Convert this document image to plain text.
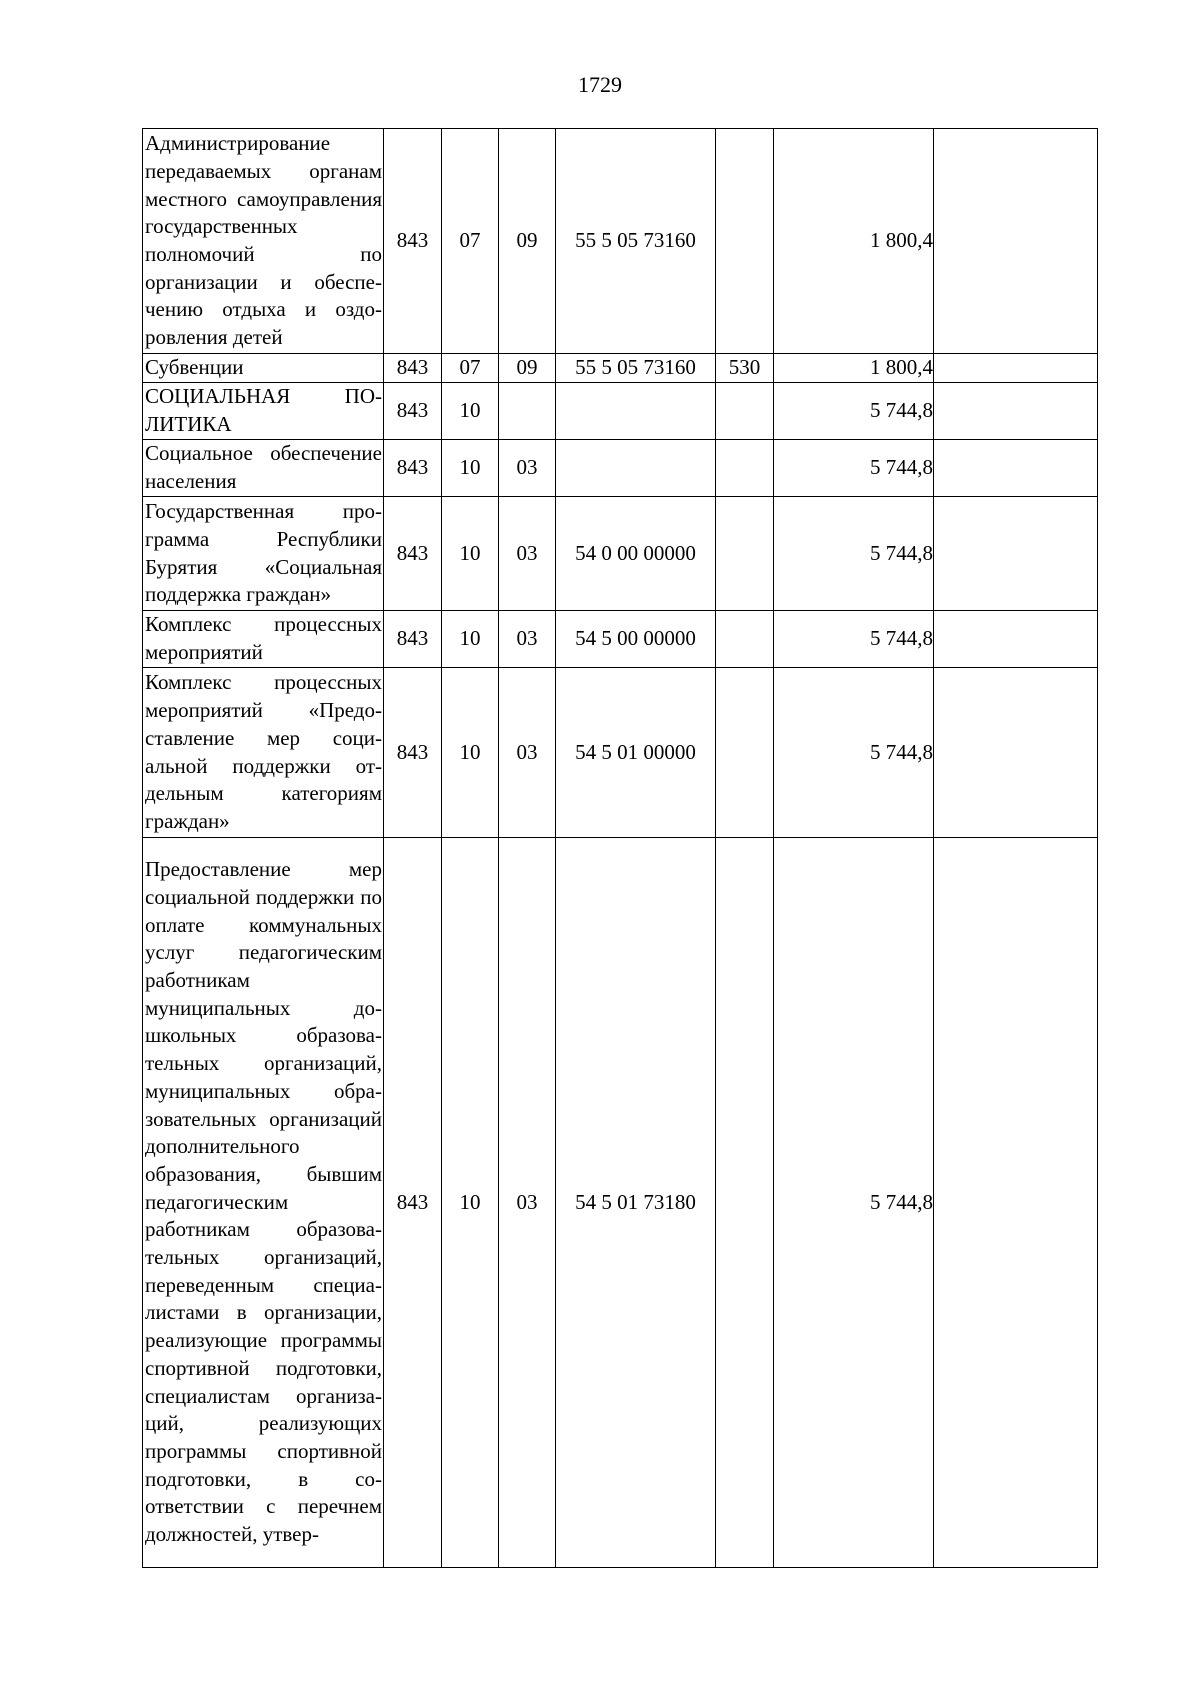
1729
Администрирование передаваемых органам местного самоуправления государственных полномочий по организации и обеспечению отдыха и оздоровления детей	843	07	09	55 5 05 73160		1 800,4	
Субвенции	843	07	09	55 5 05 73160	530	1 800,4	
СОЦИАЛЬНАЯ ПОЛИТИКА	843	10				5 744,8	
Социальное обеспечение населения	843	10	03			5 744,8	
Государственная программа Республики Бурятия «Социальная поддержка граждан»	843	10	03	54 0 00 00000		5 744,8	
Комплекс процессных мероприятий	843	10	03	54 5 00 00000		5 744,8	
Комплекс процессных мероприятий «Предоставление мер социальной поддержки отдельным категориям граждан»	843	10	03	54 5 01 00000		5 744,8	
Предоставление мер социальной поддержки по оплате коммунальных услуг педагогическим работникам муниципальных дошкольных образовательных организаций, муниципальных образовательных организаций дополнительного образования, бывшим педагогическим работникам образовательных организаций, переведенным специалистами в организации, реализующие программы спортивной подготовки, специалистам организаций, реализующих программы спортивной подготовки, в соответствии с перечнем должностей, утвер-	843	10	03	54 5 01 73180		5 744,8	
